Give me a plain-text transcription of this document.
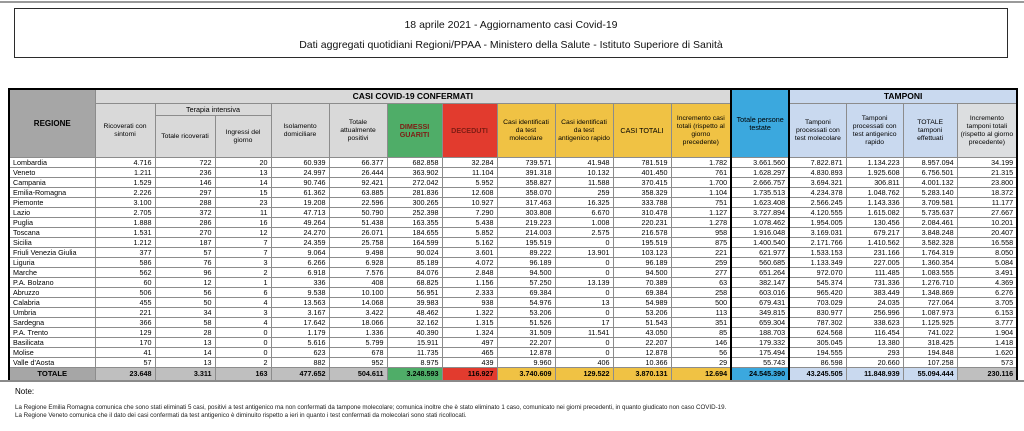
18 aprile 2021 - Aggiornamento casi Covid-19
Dati aggregati quotidiani Regioni/PPAA - Ministero della Salute - Istituto Superiore di Sanità
REGIONE	CASI COVID-19 CONFERMATI											Totale persone testate	TAMPONI			
	Ricoverati con sintomi	Terapia intensiva		Isolamento domiciliare	Totale attualmente positivi	DIMESSI GUARITI	DECEDUTI	Casi identificati da test molecolare	Casi identificati da test antigenico rapido	CASI TOTALI	Incremento casi totali (rispetto al giorno precedente)		Tamponi processati con test molecolare	Tamponi processati con test antigenico rapido	TOTALE tamponi effettuati	Incremento tamponi totali (rispetto al giorno precedente)
		Totale ricoverati	Ingressi del giorno													
Lombardia	4.716	722	20	60.939	66.377	682.858	32.284	739.571	41.948	781.519	1.782	3.661.560	7.822.871	1.134.223	8.957.094	34.199
Veneto	1.211	236	13	24.997	26.444	363.902	11.104	391.318	10.132	401.450	761	1.628.297	4.830.893	1.925.608	6.756.501	21.315
Campania	1.529	146	14	90.746	92.421	272.042	5.952	358.827	11.588	370.415	1.700	2.666.757	3.694.321	306.811	4.001.132	23.800
Emilia-Romagna	2.226	297	15	61.362	63.885	281.836	12.608	358.070	259	358.329	1.104	1.735.513	4.234.378	1.048.762	5.283.140	18.372
Piemonte	3.100	288	23	19.208	22.596	300.265	10.927	317.463	16.325	333.788	751	1.623.408	2.566.245	1.143.336	3.709.581	11.177
Lazio	2.705	372	11	47.713	50.790	252.398	7.290	303.808	6.670	310.478	1.127	3.727.894	4.120.555	1.615.082	5.735.637	27.667
Puglia	1.888	286	16	49.264	51.438	163.355	5.438	219.223	1.008	220.231	1.278	1.078.462	1.954.005	130.456	2.084.461	10.201
Toscana	1.531	270	12	24.270	26.071	184.655	5.852	214.003	2.575	216.578	958	1.916.048	3.169.031	679.217	3.848.248	20.407
Sicilia	1.212	187	7	24.359	25.758	164.599	5.162	195.519	0	195.519	875	1.400.540	2.171.766	1.410.562	3.582.328	16.558
Friuli Venezia Giulia	377	57	7	9.064	9.498	90.024	3.601	89.222	13.901	103.123	221	621.977	1.533.153	231.166	1.764.319	8.050
Liguria	586	76	3	6.266	6.928	85.189	4.072	96.189	0	96.189	259	560.685	1.133.349	227.005	1.360.354	5.084
Marche	562	96	2	6.918	7.576	84.076	2.848	94.500	0	94.500	277	651.264	972.070	111.485	1.083.555	3.491
P.A. Bolzano	60	12	1	336	408	68.825	1.156	57.250	13.139	70.389	63	382.147	545.374	731.336	1.276.710	4.369
Abruzzo	506	56	6	9.538	10.100	56.951	2.333	69.384	0	69.384	258	603.016	965.420	383.449	1.348.869	6.276
Calabria	455	50	4	13.563	14.068	39.983	938	54.976	13	54.989	500	679.431	703.029	24.035	727.064	3.705
Umbria	221	34	3	3.167	3.422	48.462	1.322	53.206	0	53.206	113	349.815	830.977	256.996	1.087.973	6.153
Sardegna	366	58	4	17.642	18.066	32.162	1.315	51.526	17	51.543	351	659.304	787.302	338.623	1.125.925	3.777
P.A. Trento	129	28	0	1.179	1.336	40.390	1.324	31.509	11.541	43.050	85	188.703	624.568	116.454	741.022	1.904
Basilicata	170	13	0	5.616	5.799	15.911	497	22.207	0	22.207	146	179.332	305.045	13.380	318.425	1.418
Molise	41	14	0	623	678	11.735	465	12.878	0	12.878	56	175.494	194.555	293	194.848	1.620
Valle d'Aosta	57	13	2	882	952	8.975	439	9.960	406	10.366	29	55.743	86.598	20.660	107.258	573
TOTALE	23.648	3.311	163	477.652	504.611	3.248.593	116.927	3.740.609	129.522	3.870.131	12.694	24.545.390	43.245.505	11.848.939	55.094.444	230.116
Note:
La Regione Emilia Romagna comunica che sono stati eliminati 5 casi, positivi a test antigenico ma non confermati da tampone molecolare; comunica inoltre che è stato eliminato 1 caso, comunicato nei giorni precedenti, in quanto giudicato non caso COVID-19.
La Regione Veneto comunica che il dato dei casi confermati da test antigenico è diminuito rispetto a ieri in quanto i test confermati da molecolari sono stati ricollocati.
